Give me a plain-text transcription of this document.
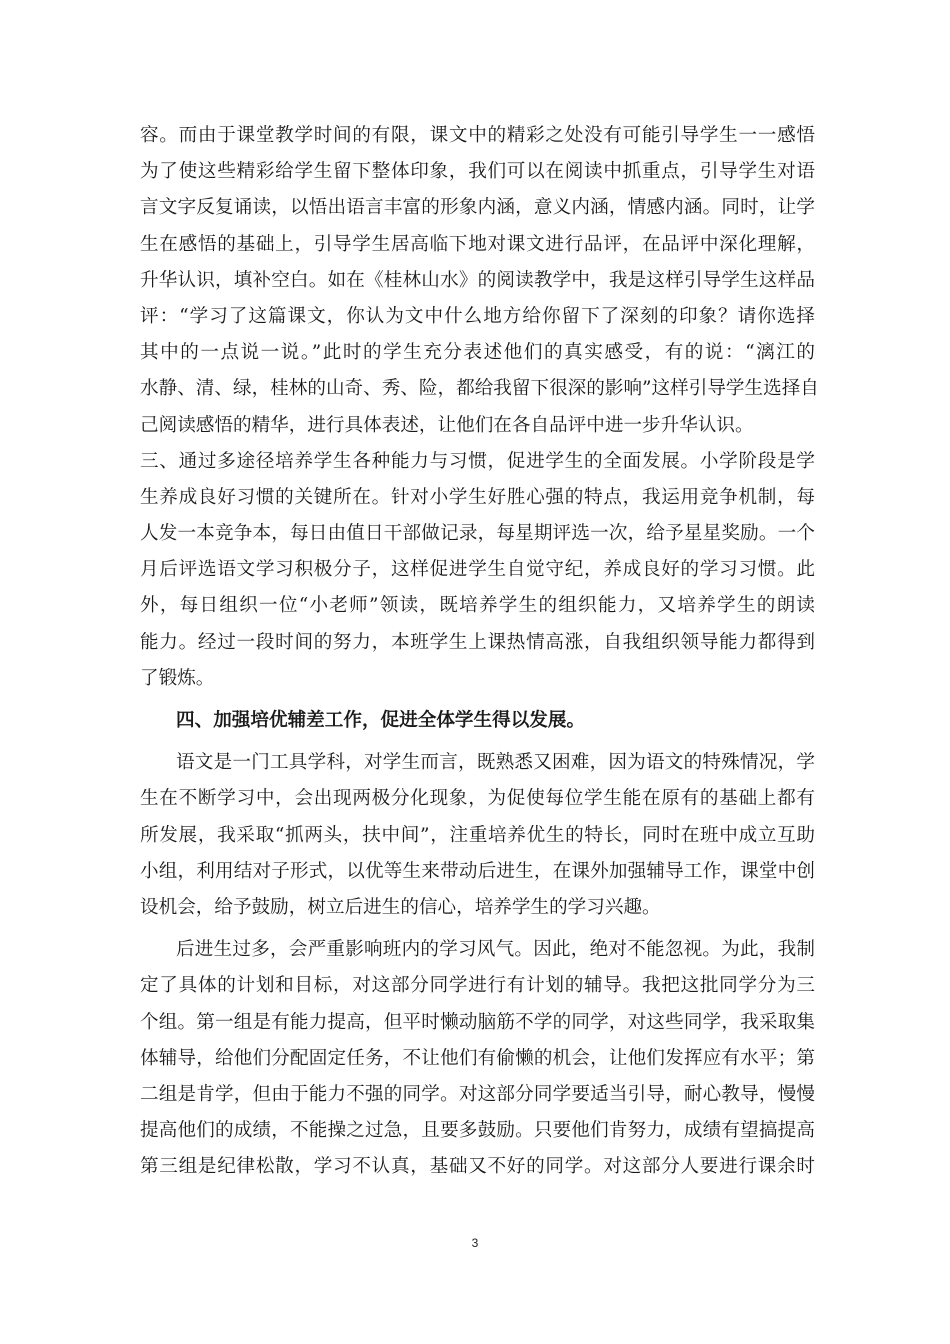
容。而由于课堂教学时间的有限，课文中的精彩之处没有可能引导学生一一感悟
为了使这些精彩给学生留下整体印象，我们可以在阅读中抓重点，引导学生对语
言文字反复诵读，以悟出语言丰富的形象内涵，意义内涵，情感内涵。同时，让学
生在感悟的基础上，引导学生居高临下地对课文进行品评，在品评中深化理解，
升华认识，填补空白。如在《桂林山水》的阅读教学中，我是这样引导学生这样品
评：“学习了这篇课文，你认为文中什么地方给你留下了深刻的印象？请你选择
其中的一点说一说。”此时的学生充分表述他们的真实感受，有的说：“漓江的
水静、清、绿，桂林的山奇、秀、险，都给我留下很深的影响”这样引导学生选择自
己阅读感悟的精华，进行具体表述，让他们在各自品评中进一步升华认识。
三、通过多途径培养学生各种能力与习惯，促进学生的全面发展。小学阶段是学
生养成良好习惯的关键所在。针对小学生好胜心强的特点，我运用竞争机制，每
人发一本竞争本，每日由值日干部做记录，每星期评选一次，给予星星奖励。一个
月后评选语文学习积极分子，这样促进学生自觉守纪，养成良好的学习习惯。此
外，每日组织一位“小老师”领读，既培养学生的组织能力，又培养学生的朗读
能力。经过一段时间的努力，本班学生上课热情高涨，自我组织领导能力都得到
了锻炼。
四、加强培优辅差工作，促进全体学生得以发展。
语文是一门工具学科，对学生而言，既熟悉又困难，因为语文的特殊情况，学
生在不断学习中，会出现两极分化现象，为促使每位学生能在原有的基础上都有
所发展，我采取“抓两头，扶中间”，注重培养优生的特长，同时在班中成立互助
小组，利用结对子形式，以优等生来带动后进生，在课外加强辅导工作，课堂中创
设机会，给予鼓励，树立后进生的信心，培养学生的学习兴趣。
后进生过多，会严重影响班内的学习风气。因此，绝对不能忽视。为此，我制
定了具体的计划和目标，对这部分同学进行有计划的辅导。我把这批同学分为三
个组。第一组是有能力提高，但平时懒动脑筋不学的同学，对这些同学，我采取集
体辅导，给他们分配固定任务，不让他们有偷懒的机会，让他们发挥应有水平；第
二组是肯学，但由于能力不强的同学。对这部分同学要适当引导，耐心教导，慢慢
提高他们的成绩，不能操之过急，且要多鼓励。只要他们肯努力，成绩有望搞提高
第三组是纪律松散，学习不认真，基础又不好的同学。对这部分人要进行课余时
3
